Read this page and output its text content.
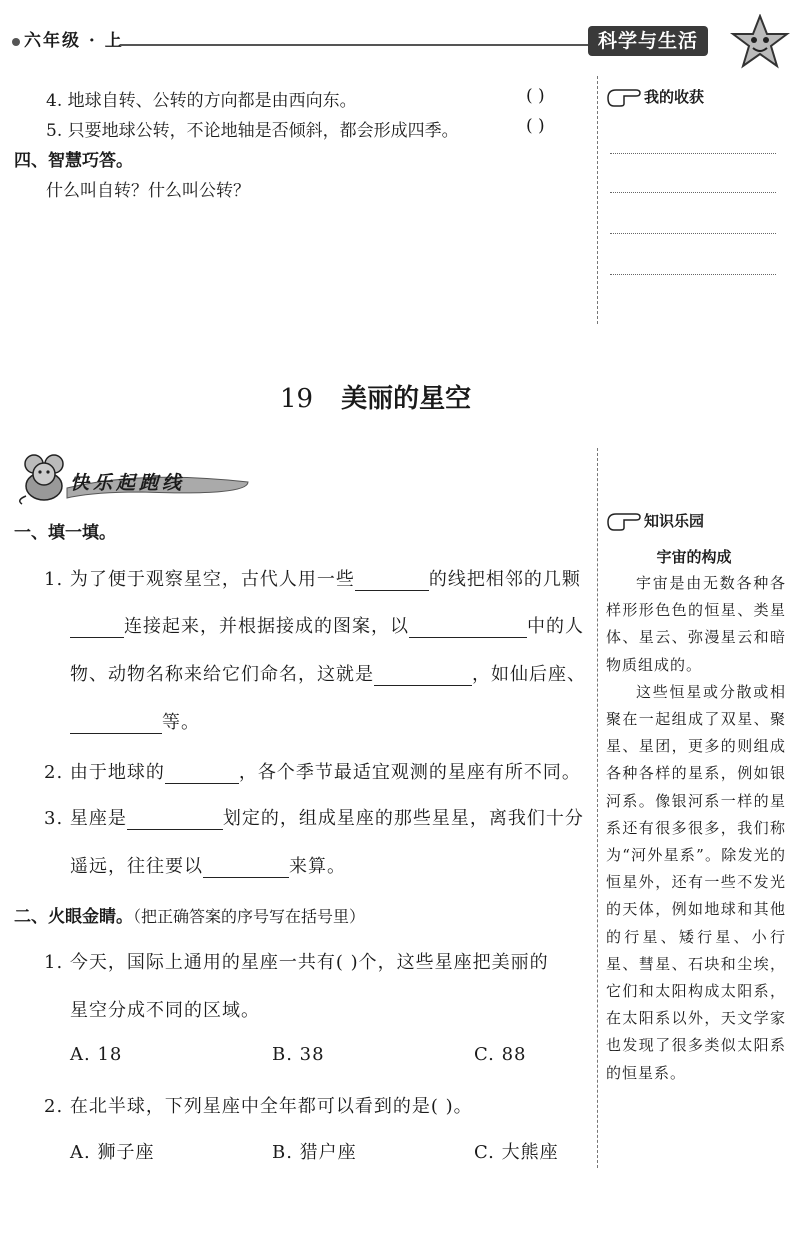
六年级 · 上	科学与生活
4. 地球自转、公转的方向都是由西向东。	( )
5. 只要地球公转，不论地轴是否倾斜，都会形成四季。	( )
四、智慧巧答。
什么叫自转？什么叫公转？
我的收获
19 美丽的星空
快乐起跑线
一、填一填。
1. 为了便于观察星空，古代人用一些	的线把相邻的几颗
连接起来，并根据接成的图案，以	中的人
物、动物名称来给它们命名，这就是	，如仙后座、
等。
2. 由于地球的	，各个季节最适宜观测的星座有所不同。
3. 星座是	划定的，组成星座的那些星星，离我们十分
遥远，往往要以	来算。
二、火眼金睛。（把正确答案的序号写在括号里）
1. 今天，国际上通用的星座一共有( )个，这些星座把美丽的
星空分成不同的区域。
A. 18	B. 38	C. 88
2. 在北半球，下列星座中全年都可以看到的是( )。
A. 狮子座	B. 猎户座	C. 大熊座
知识乐园
宇宙的构成

宇宙是由无数各种各样形形色色的恒星、类星体、星云、弥漫星云和暗物质组成的。

这些恒星或分散或相聚在一起组成了双星、聚星、星团，更多的则组成各种各样的星系，例如银河系。像银河系一样的星系还有很多很多，我们称为“河外星系”。除发光的恒星外，还有一些不发光的天体，例如地球和其他的行星、矮行星、小行星、彗星、石块和尘埃，它们和太阳构成太阳系，在太阳系以外，天文学家也发现了很多类似太阳系的恒星系。
